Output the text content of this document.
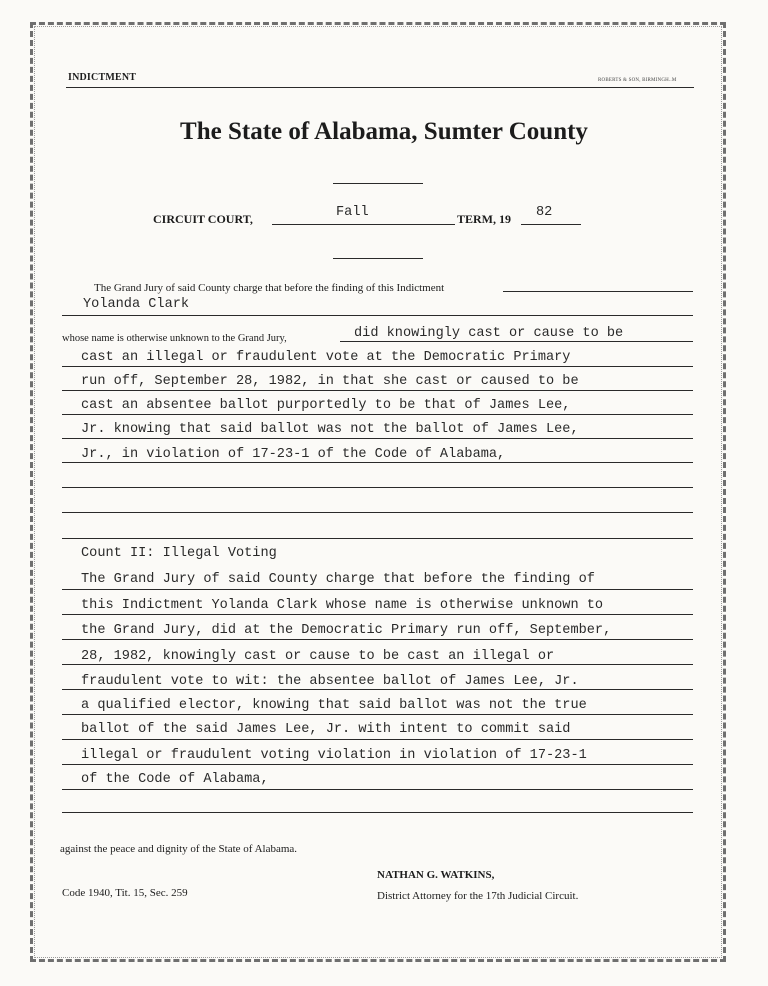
INDICTMENT	ROBERTS & SON, BIRMINGH..M
The State of Alabama, Sumter County
CIRCUIT COURT,	Fall	TERM, 19 82
The Grand Jury of said County charge that before the finding of this Indictment
Yolanda Clark
whose name is otherwise unknown to the Grand Jury,	did knowingly cast or cause to be
cast an illegal or fraudulent vote at the Democratic Primary
run off, September 28, 1982, in that she cast or caused to be
cast an absentee ballot purportedly to be that of James Lee,
Jr. knowing that said ballot was not the ballot of James Lee,
Jr., in violation of 17-23-1 of the Code of Alabama,
Count II: Illegal Voting
The Grand Jury of said County charge that before the finding of
this Indictment Yolanda Clark whose name is otherwise unknown to
the Grand Jury, did at the Democratic Primary run off, September,
28, 1982, knowingly cast or cause to be cast an illegal or
fraudulent vote to wit: the absentee ballot of James Lee, Jr.
a qualified elector, knowing that said ballot was not the true
ballot of the said James Lee, Jr. with intent to commit said
illegal or fraudulent voting violation in violation of 17-23-1
of the Code of Alabama,
against the peace and dignity of the State of Alabama.
NATHAN G. WATKINS,
District Attorney for the 17th Judicial Circuit.
Code 1940, Tit. 15, Sec. 259
